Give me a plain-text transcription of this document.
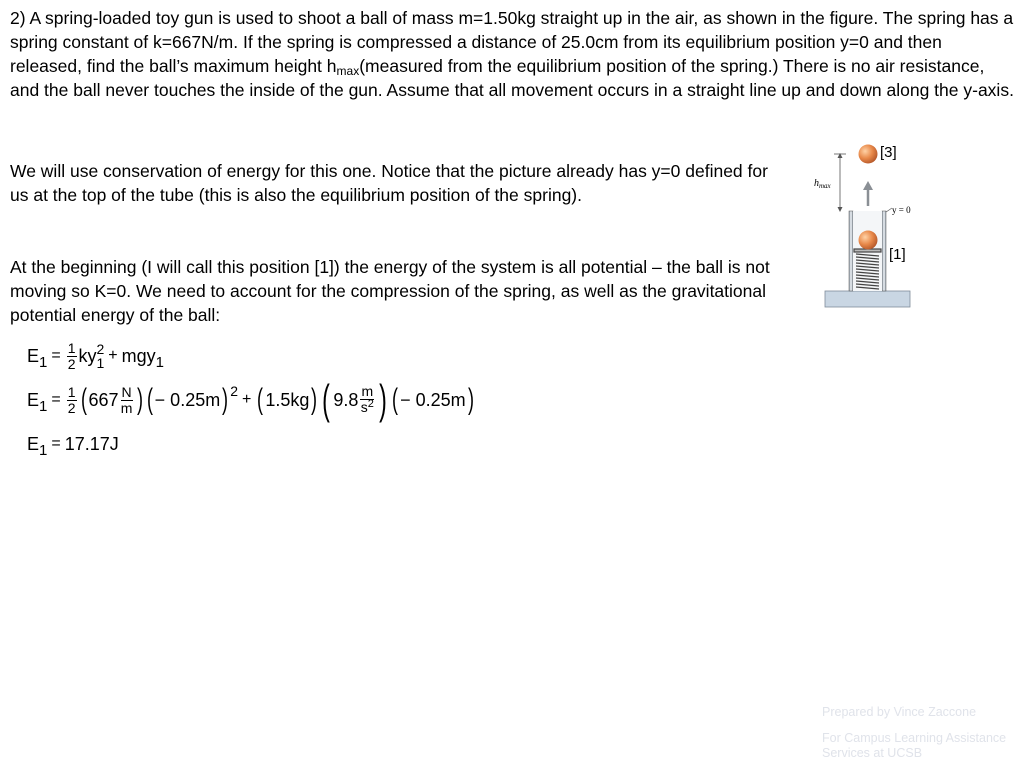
2) A spring-loaded toy gun is used to shoot a ball of mass m=1.50kg straight up in the air, as shown in the figure. The spring has a spring constant of k=667N/m. If the spring is compressed a distance of 25.0cm from its equilibrium position y=0 and then released, find the ball’s maximum height $h_{max}(measured$ from the equilibrium position of the spring.) There is no air resistance, and the ball never touches the inside of the gun. Assume that all movement occurs in a straight line up and down along the y-axis.

We will use conservation of energy for this one. Notice that the picture already has y=0 defined for us at the top of the tube (this is also the equilibrium position of the spring).

At the beginning (I will call this position [1]) the energy of the system is all potential – the ball is not moving so K=0. We need to account for the compression of the spring, as well as the gravitational potential energy of the ball:

E $1 = \frac{1}{2}$ ky 2
1 + mgy 1
E $1 = \frac{1}{2}$ ( $667 \frac{N}{m}$ ) ( − 0.25m ) 2 + ( 1.5kg ) ( $9.8 \frac{m}{s^2}$ ) ( − 0.25m )
E 1 = 17.17J
$h_{max}$
y = 0
[3]
[1]
Prepared by Vince Zaccone
For Campus Learning Assistance Services at UCSB
